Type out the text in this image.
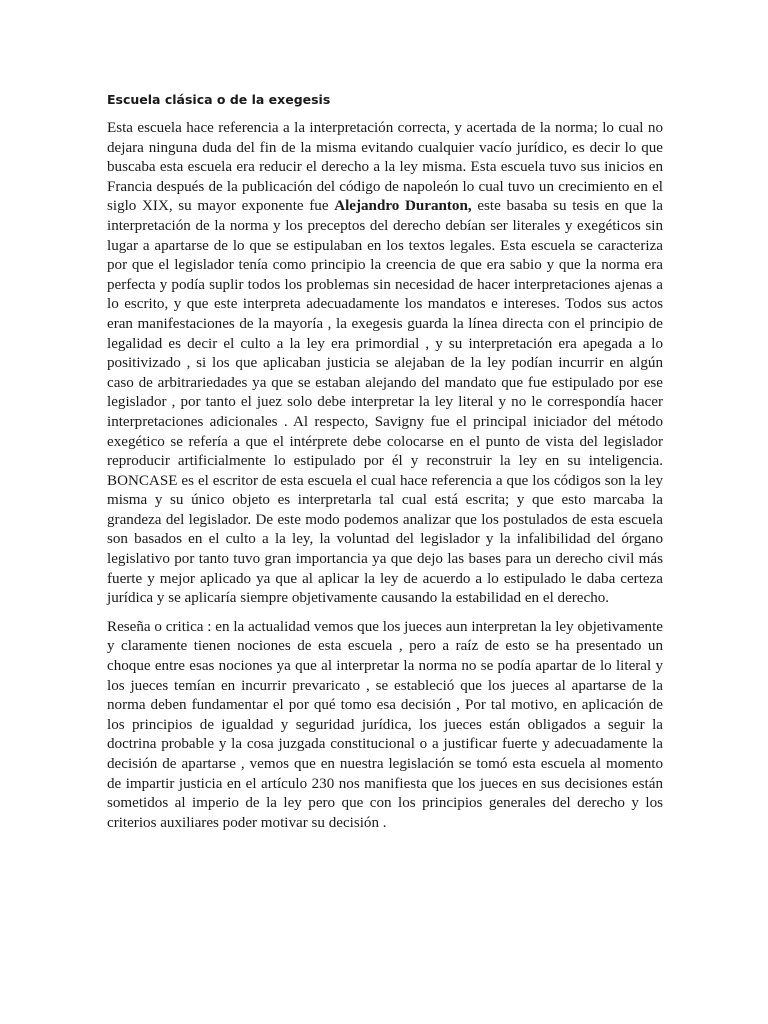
Escuela clásica o de la exegesis

Esta escuela hace referencia a la interpretación correcta, y acertada de la norma; lo cual no dejara ninguna duda del fin de la misma evitando cualquier vacío jurídico, es decir lo que buscaba esta escuela era reducir el derecho a la ley misma. Esta escuela tuvo sus inicios en Francia después de la publicación del código de napoleón lo cual tuvo un crecimiento en el siglo XIX, su mayor exponente fue Alejandro Duranton, este basaba su tesis en que la interpretación de la norma y los preceptos del derecho debían ser literales y exegéticos sin lugar a apartarse de lo que se estipulaban en los textos legales. Esta escuela se caracteriza por que el legislador tenía como principio la creencia de que era sabio y que la norma era perfecta y podía suplir todos los problemas sin necesidad de hacer interpretaciones ajenas a lo escrito, y que este interpreta adecuadamente los mandatos e intereses. Todos sus actos eran manifestaciones de la mayoría , la exegesis guarda la línea directa con el principio de legalidad es decir el culto a la ley era primordial , y su interpretación era apegada a lo positivizado , si los que aplicaban justicia se alejaban de la ley podían incurrir en algún caso de arbitrariedades ya que se estaban alejando del mandato que fue estipulado por ese legislador , por tanto el juez solo debe interpretar la ley literal y no le correspondía hacer interpretaciones adicionales . Al respecto, Savigny fue el principal iniciador del método exegético se refería a que el intérprete debe colocarse en el punto de vista del legislador reproducir artificialmente lo estipulado por él y reconstruir la ley en su inteligencia. BONCASE es el escritor de esta escuela el cual hace referencia a que los códigos son la ley misma y su único objeto es interpretarla tal cual está escrita; y que esto marcaba la grandeza del legislador. De este modo podemos analizar que los postulados de esta escuela son basados en el culto a la ley, la voluntad del legislador y la infalibilidad del órgano legislativo por tanto tuvo gran importancia ya que dejo las bases para un derecho civil más fuerte y mejor aplicado ya que al aplicar la ley de acuerdo a lo estipulado le daba certeza jurídica y se aplicaría siempre objetivamente causando la estabilidad en el derecho.

Reseña o critica : en la actualidad vemos que los jueces aun interpretan la ley objetivamente y claramente tienen nociones de esta escuela , pero a raíz de esto se ha presentado un choque entre esas nociones ya que al interpretar la norma no se podía apartar de lo literal y los jueces temían en incurrir prevaricato , se estableció que los jueces al apartarse de la norma deben fundamentar el por qué tomo esa decisión , Por tal motivo, en aplicación de los principios de igualdad y seguridad jurídica, los jueces están obligados a seguir la doctrina probable y la cosa juzgada constitucional o a justificar fuerte y adecuadamente la decisión de apartarse , vemos que en nuestra legislación se tomó esta escuela al momento de impartir justicia en el artículo 230 nos manifiesta que los jueces en sus decisiones están sometidos al imperio de la ley pero que con los principios generales del derecho y los criterios auxiliares poder motivar su decisión .
